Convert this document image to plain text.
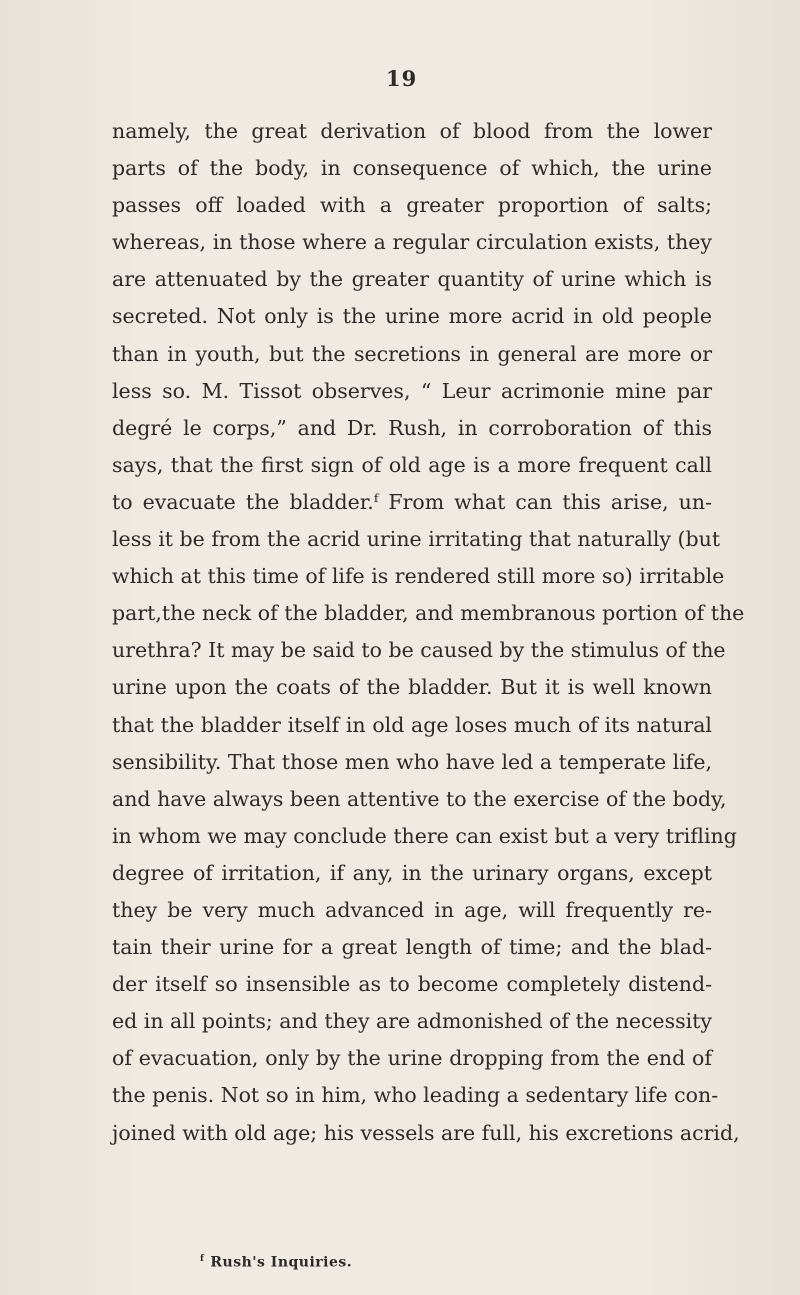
19
namely, the great derivation of blood from the lower
parts of the body, in consequence of which, the urine
passes off loaded with a greater proportion of salts;
whereas, in those where a regular circulation exists, they
are attenuated by the greater quantity of urine which is
secreted. Not only is the urine more acrid in old people
than in youth, but the secretions in general are more or
less so. M. Tissot observes, “ Leur acrimonie mine par
degré le corps,” and Dr. Rush, in corroboration of this
says, that the first sign of old age is a more frequent call
to evacuate the bladder.ᶠ From what can this arise, un-
less it be from the acrid urine irritating that naturally (but
which at this time of life is rendered still more so) irritable
part,the neck of the bladder, and membranous portion of the
urethra? It may be said to be caused by the stimulus of the
urine upon the coats of the bladder. But it is well known
that the bladder itself in old age loses much of its natural
sensibility. That those men who have led a temperate life,
and have always been attentive to the exercise of the body,
in whom we may conclude there can exist but a very trifling
degree of irritation, if any, in the urinary organs, except
they be very much advanced in age, will frequently re-
tain their urine for a great length of time; and the blad-
der itself so insensible as to become completely distend-
ed in all points; and they are admonished of the necessity
of evacuation, only by the urine dropping from the end of
the penis. Not so in him, who leading a sedentary life con-
joined with old age; his vessels are full, his excretions acrid,
$^f$ Rush's Inquiries.
